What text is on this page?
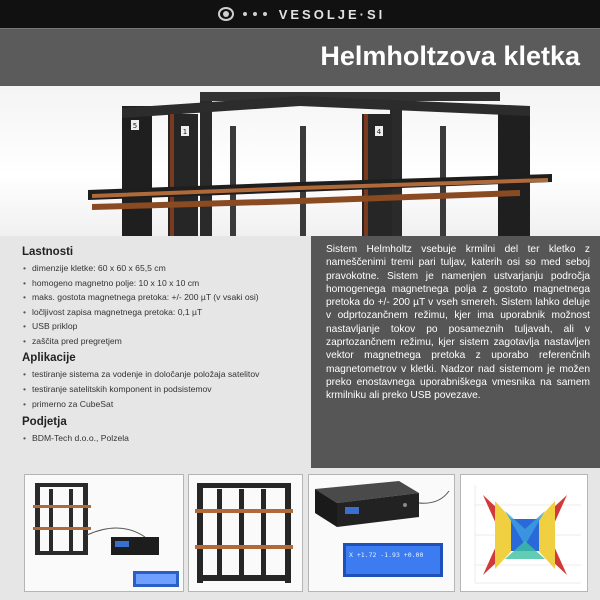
VESOLJE·SI
Helmholtzova kletka
5
1	4
Lastnosti
• dimenzije kletke: 60 x 60 x 65,5 cm
• homogeno magnetno polje: 10 x 10 x 10 cm
• maks. gostota magnetnega pretoka: +/- 200 µT (v vsaki osi)
• ločljivost zapisa magnetnega pretoka: 0,1 µT
• USB priklop
• zaščita pred pregretjem
Aplikacije
• testiranje sistema za vodenje in določanje položaja satelitov
• testiranje satelitskih komponent in podsistemov
• primerno za CubeSat
Podjetja
• BDM-Tech d.o.o., Polzela

Sistem Helmholtz vsebuje krmilni del ter kletko z nameščenimi tremi pari tuljav, katerih osi so med seboj pravokotne. Sistem je namenjen ustvarjanju področja homogenega magnetnega polja z gostoto magnetnega pretoka do +/- 200 µT v vseh smereh. Sistem lahko deluje v odprtozančnem režimu, kjer ima uporabnik možnost nastavljanje tokov po posameznih tuljavah, ali v zaprtozančnem režimu, kjer sistem zagotavlja nastavljen vektor magnetnega pretoka z uporabo referenčnih magnetometrov v kletki. Nadzor nad sistemom je možen preko enostavnega uporabniškega vmesnika na samem krmilniku ali preko USB povezave.

X +1.72 -1.93 +0.00
